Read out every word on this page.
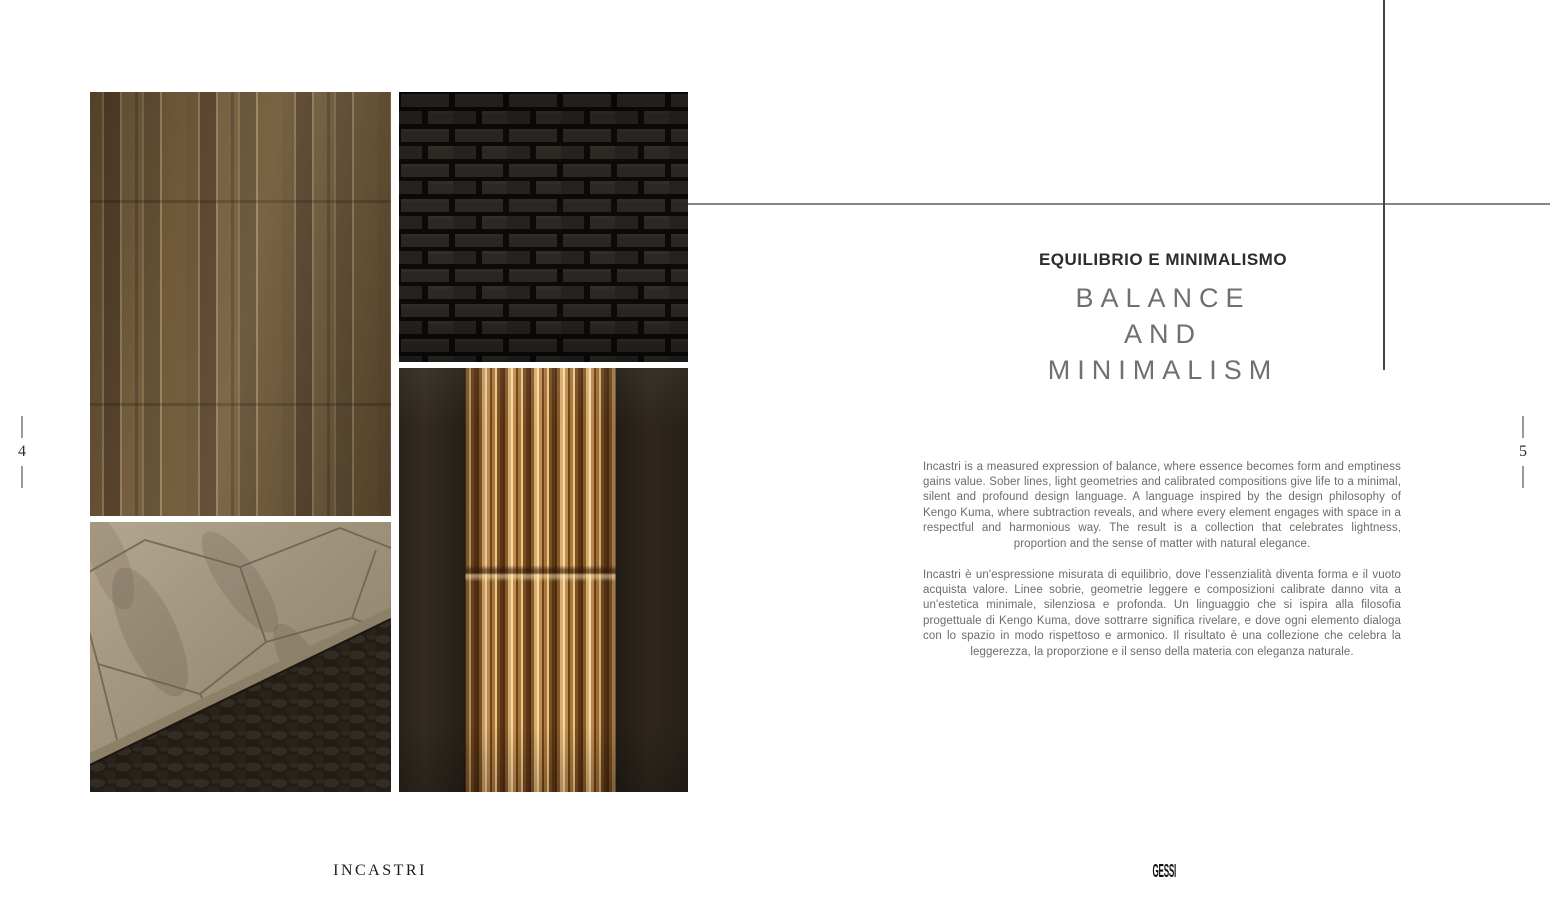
4	5
EQUILIBRIO E MINIMALISMO
BALANCE
AND
MINIMALISM

Incastri is a measured expression of balance, where essence becomes form and emptiness gains value. Sober lines, light geometries and calibrated compositions give life to a minimal, silent and profound design language. A language inspired by the design philosophy of Kengo Kuma, where subtraction reveals, and where every element engages with space in a respectful and harmonious way. The result is a collection that celebrates lightness, proportion and the sense of matter with natural elegance.

Incastri è un'espressione misurata di equilibrio, dove l'essenzialità diventa forma e il vuoto acquista valore. Linee sobrie, geometrie leggere e composizioni calibrate danno vita a un'estetica minimale, silenziosa e profonda. Un linguaggio che si ispira alla filosofia progettuale di Kengo Kuma, dove sottrarre significa rivelare, e dove ogni elemento dialoga con lo spazio in modo rispettoso e armonico. Il risultato è una collezione che celebra la leggerezza, la proporzione e il senso della materia con eleganza naturale.

INCASTRI	GESSI
